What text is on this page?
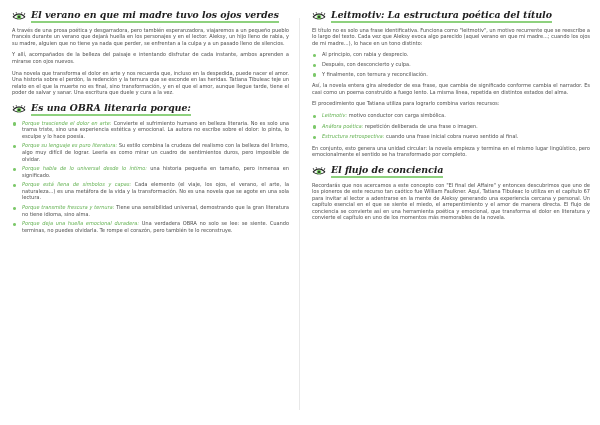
El verano en que mi madre tuvo los ojos verdes

A través de una prosa poética y desgarradora, pero también esperanzadora, viajaremos a un pequeño pueblo francés durante un verano que dejará huella en los personajes y en el lector. Aleksy, un hijo lleno de rabia, y su madre, alguien que no tiene ya nada que perder, se enfrentan a la culpa y a un pasado lleno de silencios.

Y allí, acompañados de la belleza del paisaje e intentando disfrutar de cada instante, ambos aprenden a mirarse con ojos nuevos.

Una novela que transforma el dolor en arte y nos recuerda que, incluso en la despedida, puede nacer el amor. Una historia sobre el perdón, la redención y la ternura que se esconde en las heridas. Tatiana Tibuleac teje un relato en el que la muerte no es final, sino transformación, y en el que el amor, aunque llegue tarde, tiene el poder de salvar y sanar. Una escritura que duele y cura a la vez.

Es una OBRA literaria porque:
Porque trasciende el dolor en arte: Convierte el sufrimiento humano en belleza literaria. No es solo una trama triste, sino una experiencia estética y emocional. La autora no escribe sobre el dolor: lo pinta, lo esculpe y lo hace poesía.
Porque su lenguaje es puro literatura: Su estilo combina la crudeza del realismo con la belleza del lirismo, algo muy difícil de lograr. Leerla es como mirar un cuadro de sentimientos duros, pero imposible de olvidar.
Porque habla de lo universal desde lo íntimo: una historia pequeña en tamaño, pero inmensa en significado.
Porque está llena de símbolos y capas: Cada elemento (el viaje, los ojos, el verano, el arte, la naturaleza...) es una metáfora de la vida y la transformación. No es una novela que se agote en una sola lectura.
Porque transmite frescura y ternura: Tiene una sensibilidad universal, demostrando que la gran literatura no tiene idioma, sino alma.
Porque deja una huella emocional duradera: Una verdadera OBRA no solo se lee: se siente. Cuando terminas, no puedes olvidarla. Te rompe el corazón, pero también te lo reconstruye.
Leitmotiv: La estructura poética del título

El título no es solo una frase identificativa. Funciona como "leitmotiv", un motivo recurrente que se reescribe a lo largo del texto. Cada vez que Aleksy evoca algo parecido (aquel verano en que mi madre...; cuando los ojos de mi madre...), lo hace en un tono distinto:

Al principio, con rabia y desprecio.
Después, con desconcierto y culpa.
Y finalmente, con ternura y reconciliación.

Así, la novela entera gira alrededor de esa frase, que cambia de significado conforme cambia el narrador. Es casi como un poema construido a fuego lento. La misma línea, repetida en distintos estados del alma.

El procedimiento que Tatiana utiliza para lograrlo combina varios recursos:

Leitmotiv: motivo conductor con carga simbólica.
Anáfora poética: repetición deliberada de una frase o imagen.
Estructura retrospectiva: cuando una frase inicial cobra nuevo sentido al final.

En conjunto, esto genera una unidad circular: la novela empieza y termina en el mismo lugar lingüístico, pero emocionalmente el sentido se ha transformado por completo.

El flujo de conciencia

Recordarás que nos acercamos a este concepto con "El final del Affaire" y entonces descubrimos que uno de los pioneros de este recurso tan caótico fue William Faulkner. Aquí, Tatiana Tibuleac lo utiliza en el capítulo 67 para invitar al lector a adentrarse en la mente de Aleksy generando una experiencia cercana y personal. Un capítulo esencial en el que se siente el miedo, el arrepentimiento y el amor de manera directa. El flujo de conciencia se convierte así en una herramienta poética y emocional, que transforma el dolor en literatura y convierte el capítulo en uno de los momentos más memorables de la novela.
